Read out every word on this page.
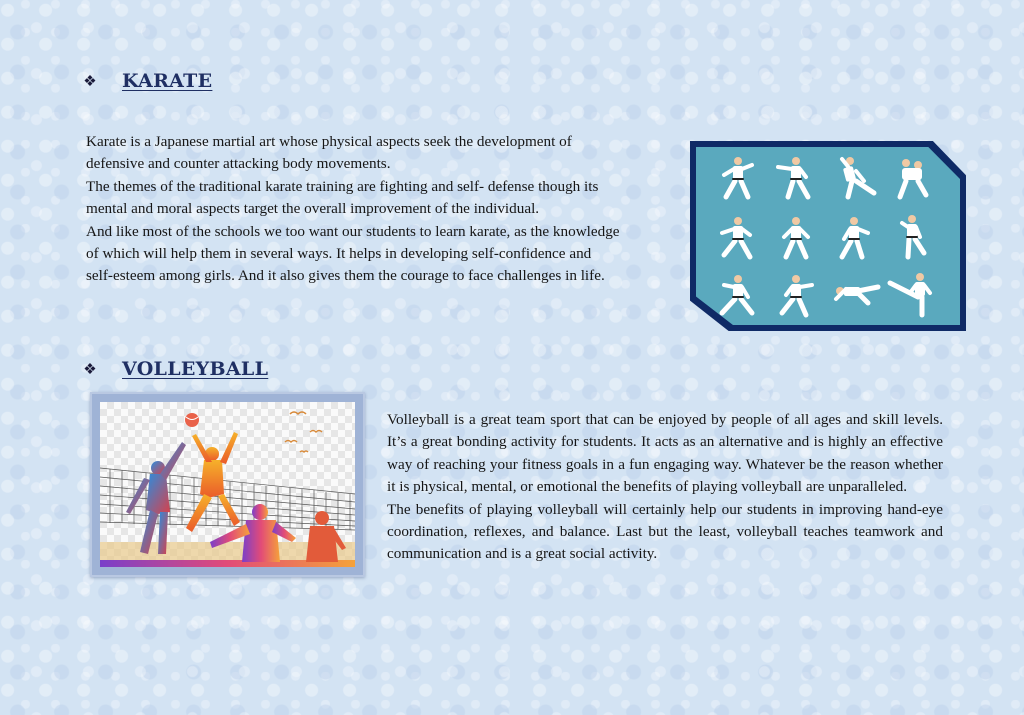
❖ KARATE

Karate is a Japanese martial art whose physical aspects seek the development of

defensive and counter attacking body movements.

The themes of the traditional karate training are fighting and self- defense though its

mental and moral aspects target the overall improvement of the individual.

And like most of the schools we too want our students to learn karate, as the knowledge

of which will help them in several ways. It helps in developing self-confidence and

self-esteem among girls. And it also gives them the courage to face challenges in life.

❖ VOLLEYBALL

Volleyball is a great team sport that can be enjoyed by people of all ages and skill levels. It’s a great bonding activity for students. It acts as an alternative and is highly an effective way of reaching your fitness goals in a fun engaging way. Whatever be the reason whether it is physical, mental, or emotional the benefits of playing volleyball are unparalleled.

The benefits of playing volleyball will certainly help our students in improving hand-eye coordination, reflexes, and balance. Last but the least, volleyball teaches teamwork and communication and is a great social activity.
